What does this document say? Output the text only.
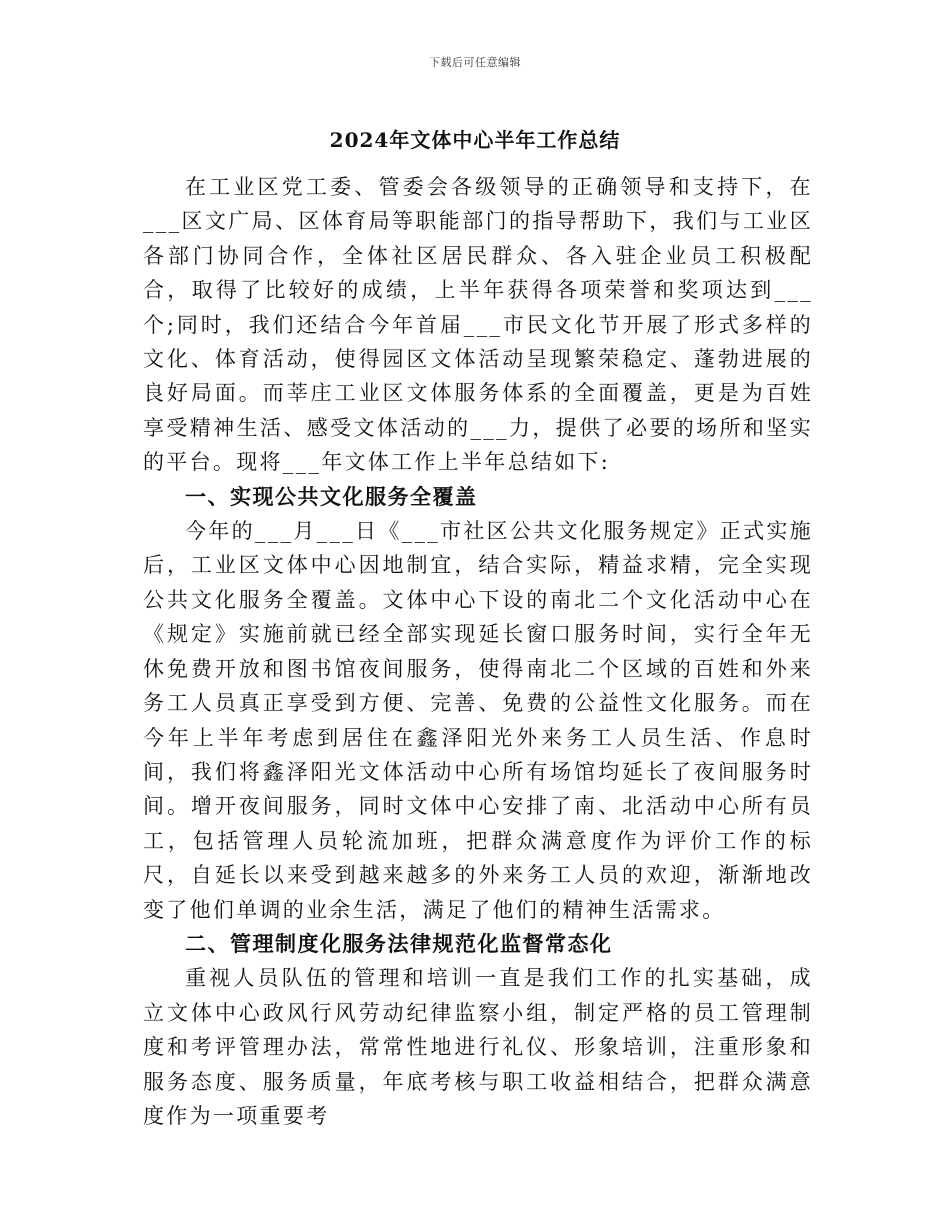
下载后可任意编辑
2024年文体中心半年工作总结

在工业区党工委、管委会各级领导的正确领导和支持下，在___区文广局、区体育局等职能部门的指导帮助下，我们与工业区各部门协同合作，全体社区居民群众、各入驻企业员工积极配合，取得了比较好的成绩，上半年获得各项荣誉和奖项达到___个;同时，我们还结合今年首届___市民文化节开展了形式多样的文化、体育活动，使得园区文体活动呈现繁荣稳定、蓬勃进展的良好局面。而莘庄工业区文体服务体系的全面覆盖，更是为百姓享受精神生活、感受文体活动的___力，提供了必要的场所和坚实的平台。现将___年文体工作上半年总结如下:

一、实现公共文化服务全覆盖

今年的___月___日《___市社区公共文化服务规定》正式实施后，工业区文体中心因地制宜，结合实际，精益求精，完全实现公共文化服务全覆盖。文体中心下设的南北二个文化活动中心在《规定》实施前就已经全部实现延长窗口服务时间，实行全年无休免费开放和图书馆夜间服务，使得南北二个区域的百姓和外来务工人员真正享受到方便、完善、免费的公益性文化服务。而在今年上半年考虑到居住在鑫泽阳光外来务工人员生活、作息时间，我们将鑫泽阳光文体活动中心所有场馆均延长了夜间服务时间。增开夜间服务，同时文体中心安排了南、北活动中心所有员工，包括管理人员轮流加班，把群众满意度作为评价工作的标尺，自延长以来受到越来越多的外来务工人员的欢迎，渐渐地改变了他们单调的业余生活，满足了他们的精神生活需求。

二、管理制度化服务法律规范化监督常态化

重视人员队伍的管理和培训一直是我们工作的扎实基础，成立文体中心政风行风劳动纪律监察小组，制定严格的员工管理制度和考评管理办法，常常性地进行礼仪、形象培训，注重形象和服务态度、服务质量，年底考核与职工收益相结合，把群众满意度作为一项重要考
